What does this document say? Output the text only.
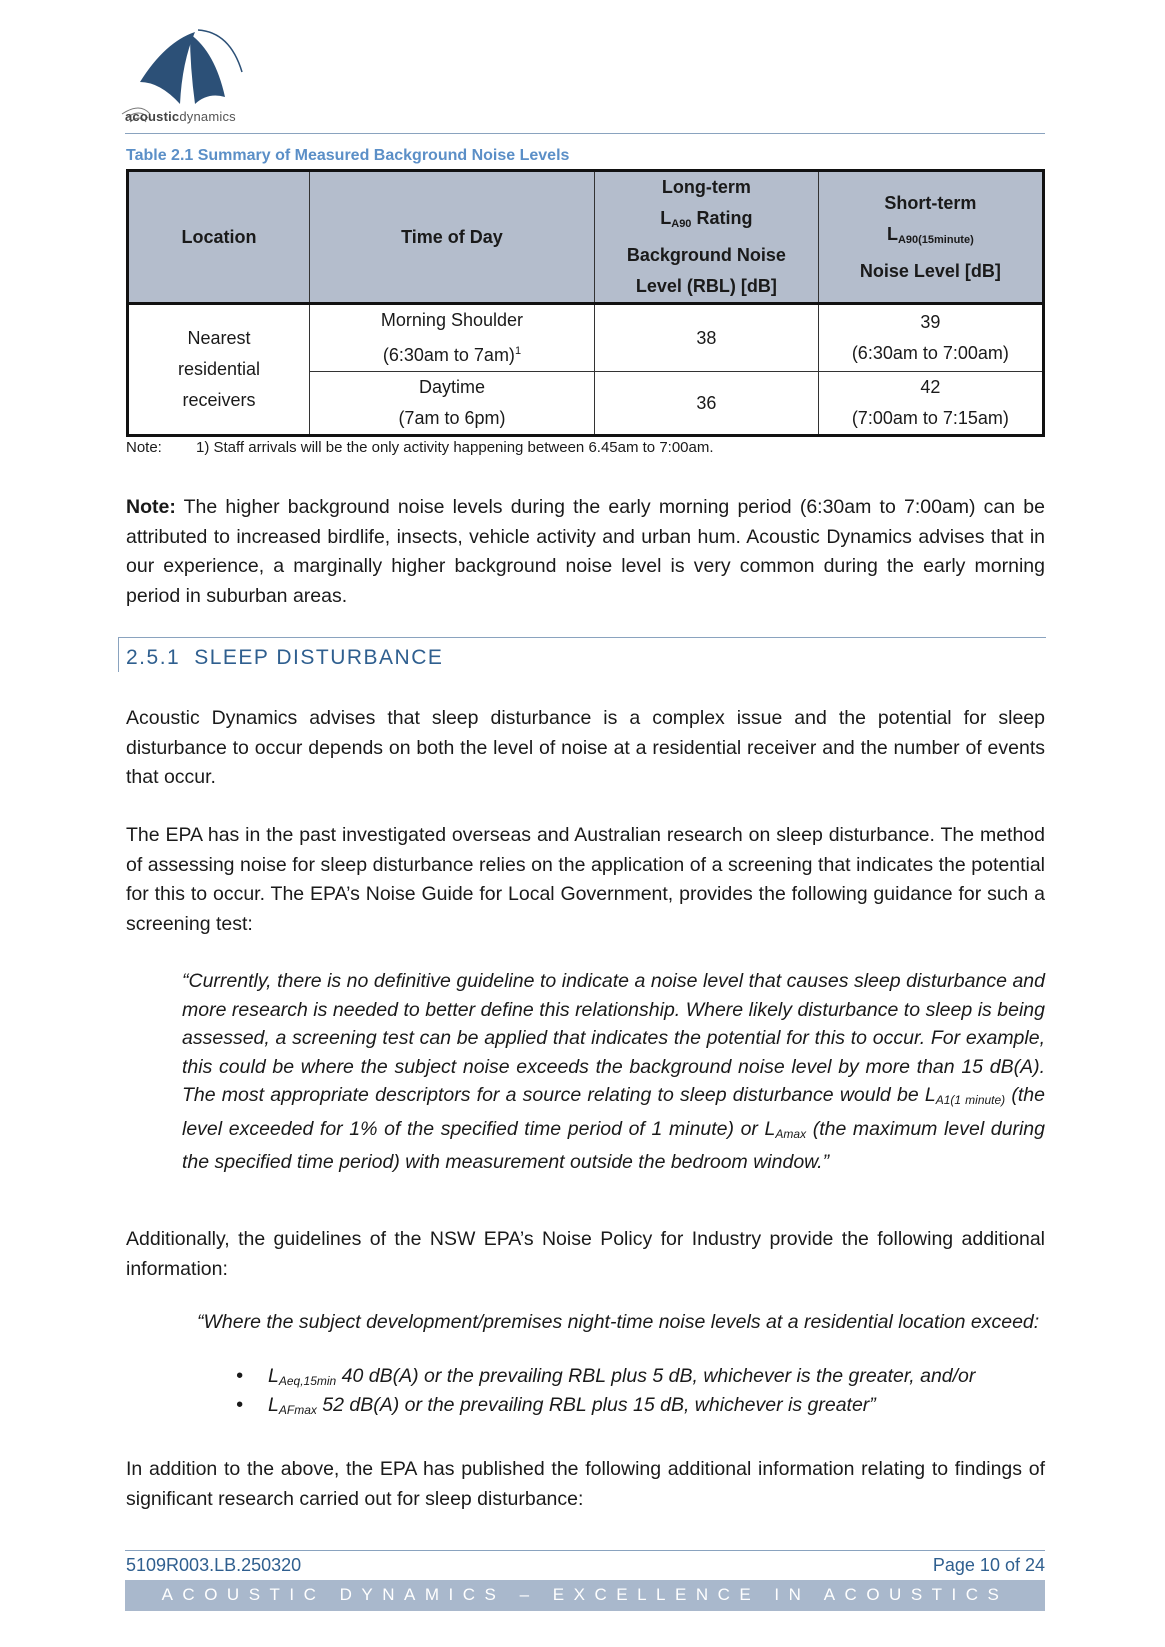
acousticdynamics
Table 2.1 Summary of Measured Background Noise Levels
Location	Time of Day	Long-term
$L_{A90}$ Rating
Background Noise
Level (RBL) [dB]	Short-term
$L_{A90(15minute)}$
Noise Level [dB]
Nearest
residential
receivers	Morning Shoulder
(6:30am to 7am)$^1$	38	39
(6:30am to 7:00am)
	Daytime
(7am to 6pm)	36	42
(7:00am to 7:15am)
Note: 1) Staff arrivals will be the only activity happening between 6.45am to 7:00am.
Note: The higher background noise levels during the early morning period (6:30am to 7:00am) can be attributed to increased birdlife, insects, vehicle activity and urban hum. Acoustic Dynamics advises that in our experience, a marginally higher background noise level is very common during the early morning period in suburban areas.
2.5.1 SLEEP DISTURBANCE
Acoustic Dynamics advises that sleep disturbance is a complex issue and the potential for sleep disturbance to occur depends on both the level of noise at a residential receiver and the number of events that occur.
The EPA has in the past investigated overseas and Australian research on sleep disturbance. The method of assessing noise for sleep disturbance relies on the application of a screening that indicates the potential for this to occur. The EPA’s Noise Guide for Local Government, provides the following guidance for such a screening test:
“Currently, there is no definitive guideline to indicate a noise level that causes sleep disturbance and more research is needed to better define this relationship. Where likely disturbance to sleep is being assessed, a screening test can be applied that indicates the potential for this to occur. For example, this could be where the subject noise exceeds the background noise level by more than 15 dB(A). The most appropriate descriptors for a source relating to sleep disturbance would be $L_{A1(1 minute)}$ (the level exceeded for 1% of the specified time period of 1 minute) or $L_{Amax}$ (the maximum level during the specified time period) with measurement outside the bedroom window.”
Additionally, the guidelines of the NSW EPA’s Noise Policy for Industry provide the following additional information:
“Where the subject development/premises night-time noise levels at a residential location exceed:
• $L_{Aeq,15min}$ 40 dB(A) or the prevailing RBL plus 5 dB, whichever is the greater, and/or
• $L_{AFmax}$ 52 dB(A) or the prevailing RBL plus 15 dB, whichever is greater”
In addition to the above, the EPA has published the following additional information relating to findings of significant research carried out for sleep disturbance:
5109R003.LB.250320	Page 10 of 24
ACOUSTIC DYNAMICS – EXCELLENCE IN ACOUSTICS
